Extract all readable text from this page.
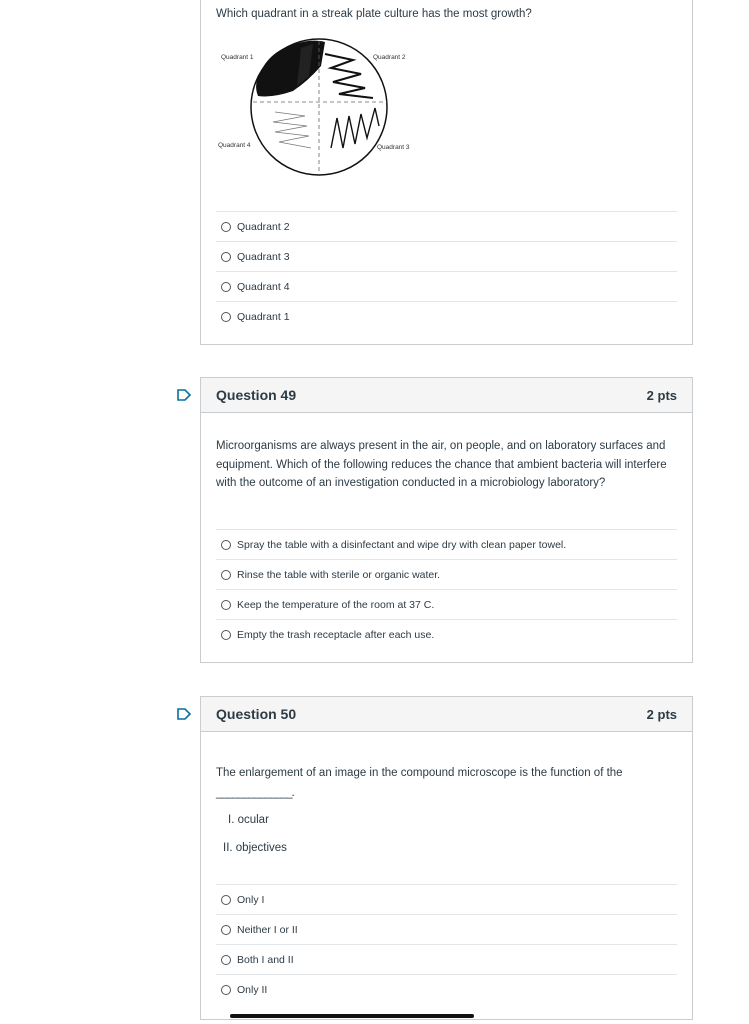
Which quadrant in a streak plate culture has the most growth?
Quadrant 1	Quadrant 2
Quadrant 3
Quadrant 4
Quadrant 2
Quadrant 3
Quadrant 4
Quadrant 1
Question 49	2 pts
Microorganisms are always present in the air, on people, and on laboratory surfaces and equipment. Which of the following reduces the chance that ambient bacteria will interfere with the outcome of an investigation conducted in a microbiology laboratory?
Spray the table with a disinfectant and wipe dry with clean paper towel.
Rinse the table with sterile or organic water.
Keep the temperature of the room at 37 C.
Empty the trash receptacle after each use.
Question 50	2 pts
The enlargement of an image in the compound microscope is the function of the
______________.
I. ocular
II. objectives
Only I
Neither I or II
Both I and II
Only II
